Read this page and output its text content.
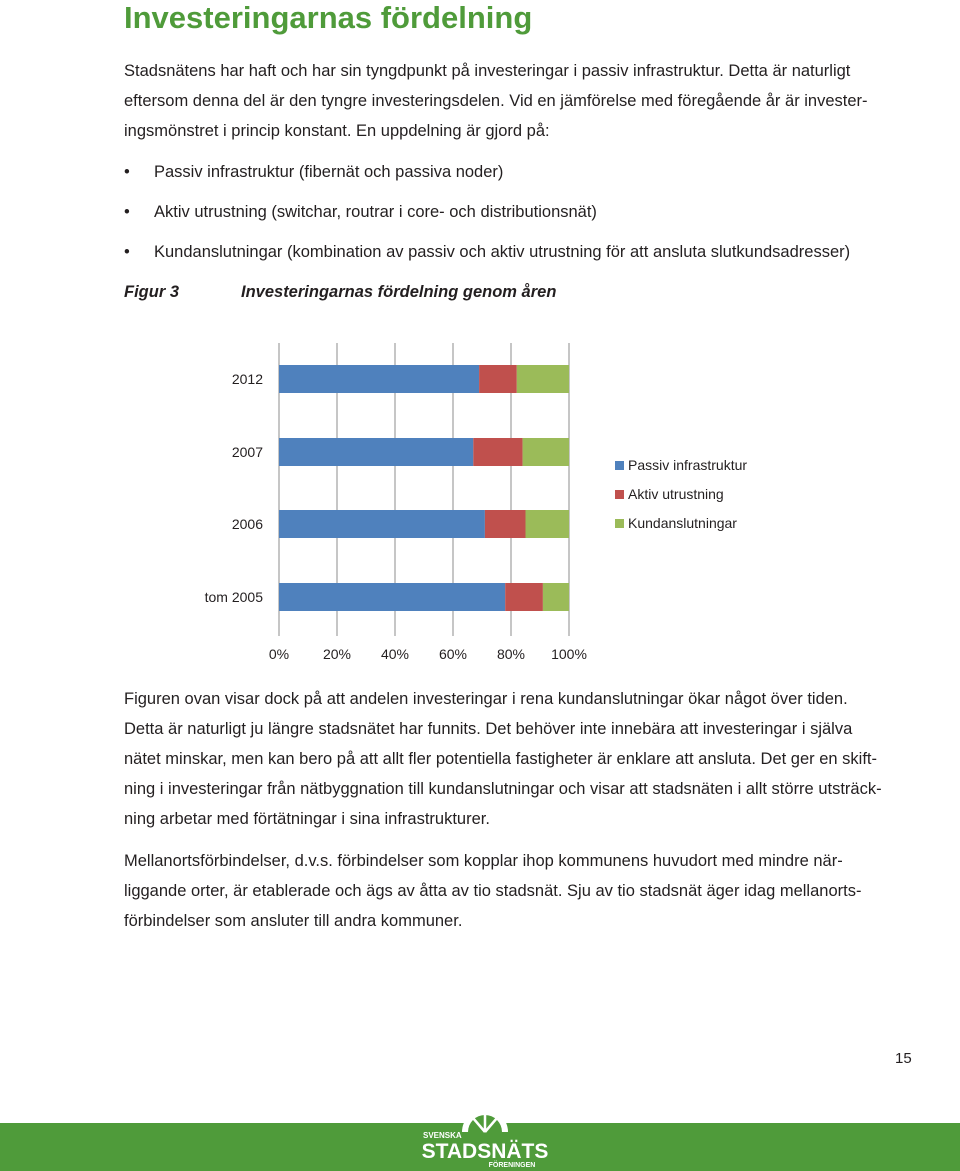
Investeringarnas fördelning

Stadsnätens har haft och har sin tyngdpunkt på investeringar i passiv infrastruktur. Detta är naturligt
eftersom denna del är den tyngre investeringsdelen. Vid en jämförelse med föregående år är invester-
ingsmönstret i princip konstant. En uppdelning är gjord på:

• Passiv infrastruktur (fibernät och passiva noder)
• Aktiv utrustning (switchar, routrar i core- och distributionsnät)
• Kundanslutningar (kombination av passiv och aktiv utrustning för att ansluta slutkundsadresser)

Figur 3	Investeringarnas fördelning genom åren

2012
2007
2006
tom 2005
0% 20% 40% 60% 80% 100%
Passiv infrastruktur
Aktiv utrustning
Kundanslutningar

Figuren ovan visar dock på att andelen investeringar i rena kundanslutningar ökar något över tiden.
Detta är naturligt ju längre stadsnätet har funnits. Det behöver inte innebära att investeringar i själva
nätet minskar, men kan bero på att allt fler potentiella fastigheter är enklare att ansluta. Det ger en skift-
ning i investeringar från nätbyggnation till kundanslutningar och visar att stadsnäten i allt större utsträck-
ning arbetar med förtätningar i sina infrastrukturer.

Mellanortsförbindelser, d.v.s. förbindelser som kopplar ihop kommunens huvudort med mindre när-
liggande orter, är etablerade och ägs av åtta av tio stadsnät. Sju av tio stadsnät äger idag mellanorts-
förbindelser som ansluter till andra kommuner.

15
SVENSKA
STADSNÄTS
FÖRENINGEN
